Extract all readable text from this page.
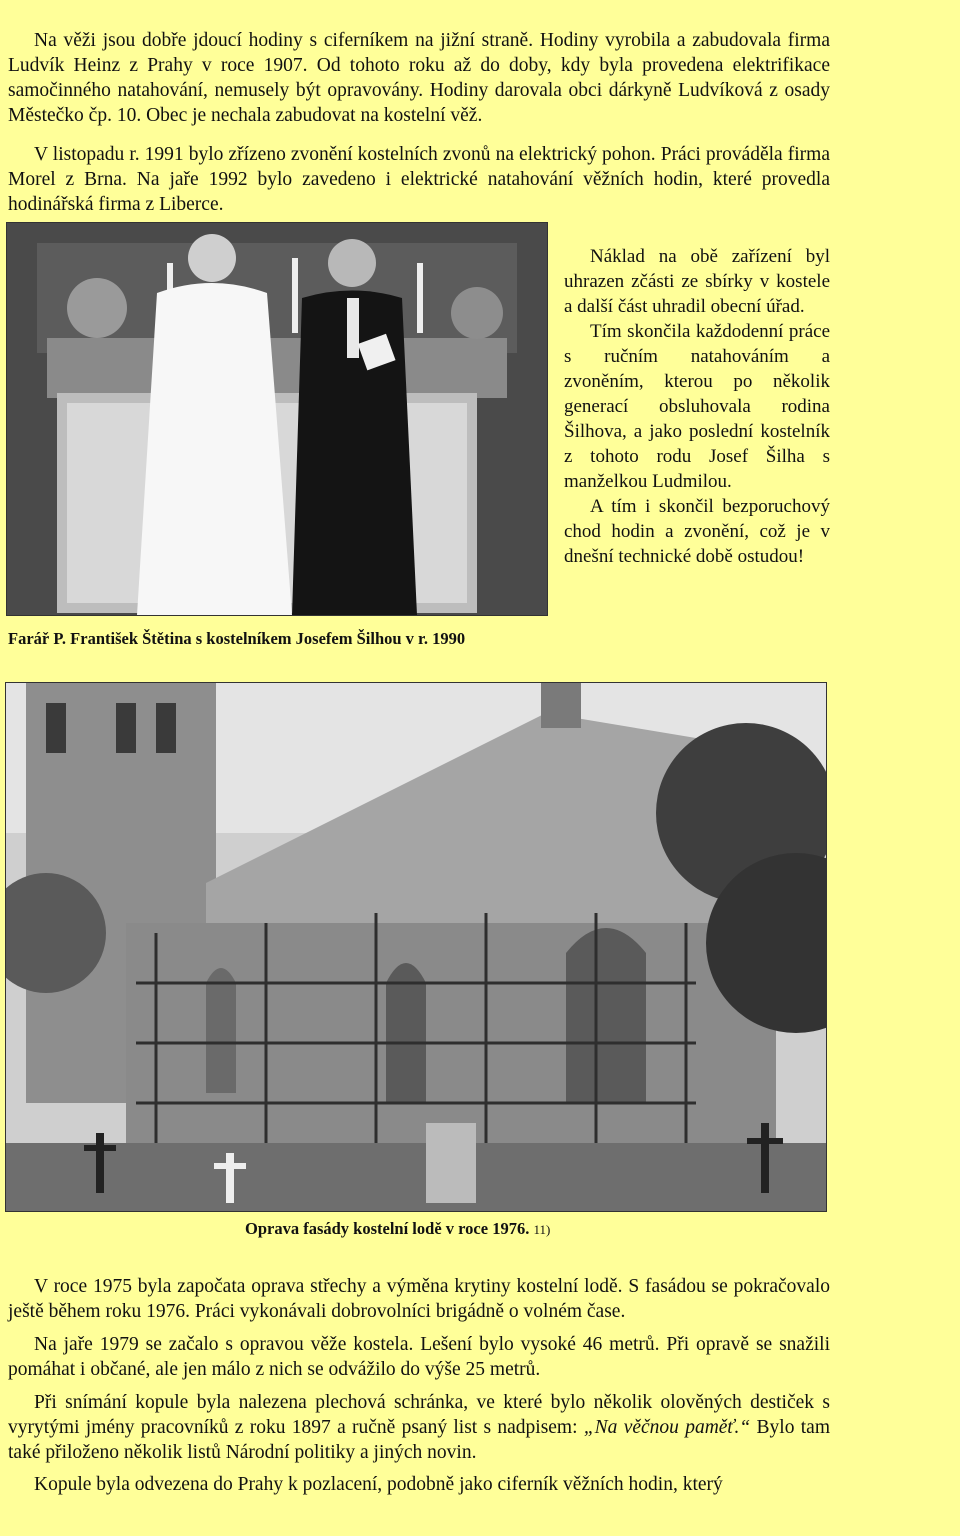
Na věži jsou dobře jdoucí hodiny s ciferníkem na jižní straně. Hodiny vyrobila a zabudovala firma Ludvík Heinz z Prahy v roce 1907. Od tohoto roku až do doby, kdy byla provedena elektrifikace samočinného natahování, nemusely být opravovány. Hodiny darovala obci dárkyně Ludvíková z osady Městečko čp. 10. Obec je nechala zabudovat na kostelní věž.

V listopadu r. 1991 bylo zřízeno zvonění kostelních zvonů na elektrický pohon. Práci prováděla firma Morel z Brna. Na jaře 1992 bylo zavedeno i elektrické natahování věžních hodin, které provedla hodinářská firma z Liberce.

Farář P. František Štětina s kostelníkem Josefem Šilhou v r. 1990

Náklad na obě zařízení byl uhrazen zčásti ze sbírky v kostele a další část uhradil obecní úřad.

Tím skončila každodenní práce s ručním natahováním a zvoněním, kterou po několik generací obsluhovala rodina Šilhova, a jako poslední kostelník z tohoto rodu Josef Šilha s manželkou Ludmilou.

A tím i skončil bezporuchový chod hodin a zvonění, což je v dnešní technické době ostudou!

Oprava fasády kostelní lodě v roce 1976. 11)

V roce 1975 byla započata oprava střechy a výměna krytiny kostelní lodě. S fasádou se pokračovalo ještě během roku 1976. Práci vykonávali dobrovolníci brigádně o volném čase.

Na jaře 1979 se začalo s opravou věže kostela. Lešení bylo vysoké 46 metrů. Při opravě se snažili pomáhat i občané, ale jen málo z nich se odvážilo do výše 25 metrů.

Při snímání kopule byla nalezena plechová schránka, ve které bylo několik olověných destiček s vyrytými jmény pracovníků z roku 1897 a ručně psaný list s nadpisem: „Na věčnou paměť.“ Bylo tam také přiloženo několik listů Národní politiky a jiných novin.

Kopule byla odvezena do Prahy k pozlacení, podobně jako ciferník věžních hodin, který
